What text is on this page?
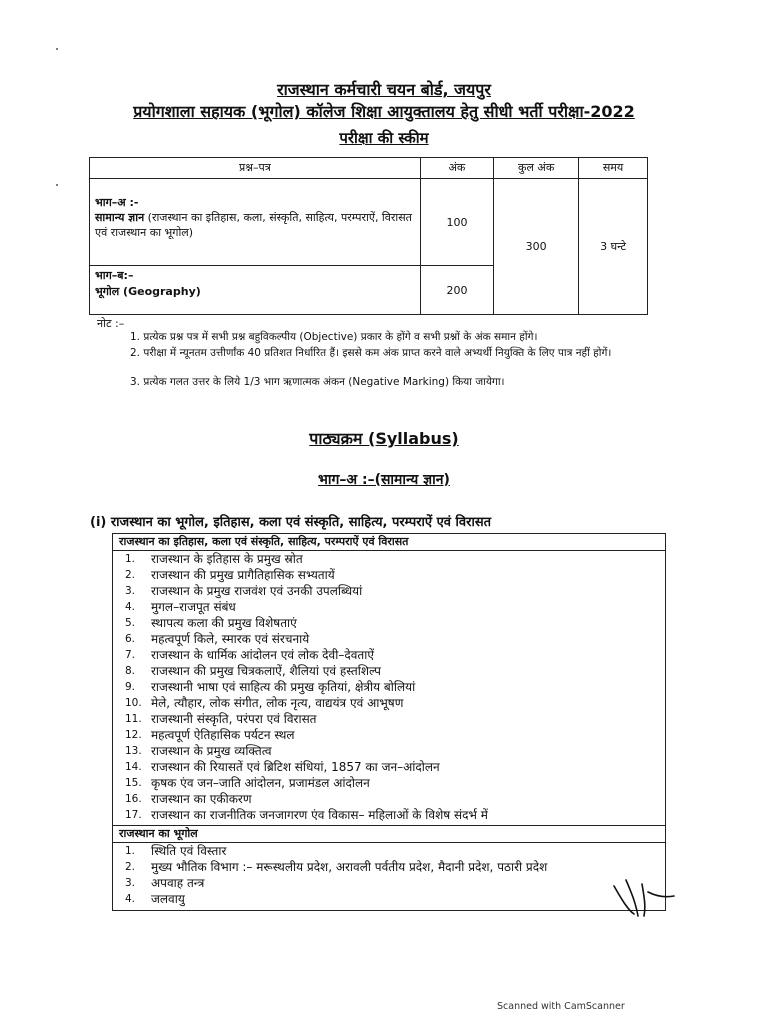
राजस्थान कर्मचारी चयन बोर्ड, जयपुर
प्रयोगशाला सहायक (भूगोल) कॉलेज शिक्षा आयुक्तालय हेतु सीधी भर्ती परीक्षा-2022
परीक्षा की स्कीम
प्रश्न–पत्र	अंक	कुल अंक	समय
भाग–अ :-
सामान्य ज्ञान (राजस्थान का इतिहास, कला, संस्कृति, साहित्य, परम्पराऐं, विरासत एवं राजस्थान का भूगोल)	100	300	3 घन्टे
भाग–ब:–
भूगोल (Geography)	200		
नोट :–
1. प्रत्येक प्रश्न पत्र में सभी प्रश्न बहुविकल्पीय (Objective) प्रकार के होंगे व सभी प्रश्नों के अंक समान होंगे।
2. परीक्षा में न्यूनतम उत्तीर्णांक 40 प्रतिशत निर्धारित हैं। इससे कम अंक प्राप्त करने वाले अभ्यर्थी नियुक्ति के लिए पात्र नहीं होगें।
3. प्रत्येक गलत उत्तर के लिये 1/3 भाग ऋणात्मक अंकन (Negative Marking) किया जायेगा।
पाठ्यक्रम (Syllabus)
भाग–अ :–(सामान्य ज्ञान)
(i) राजस्थान का भूगोल, इतिहास, कला एवं संस्कृति, साहित्य, परम्पराऐं एवं विरासत
राजस्थान का इतिहास, कला एवं संस्कृति, साहित्य, परम्पराऐं एवं विरासत
1. राजस्थान के इतिहास के प्रमुख स्रोत
2. राजस्थान की प्रमुख प्रागैतिहासिक सभ्यतायें
3. राजस्थान के प्रमुख राजवंश एवं उनकी उपलब्धियां
4. मुगल–राजपूत संबंध
5. स्थापत्य कला की प्रमुख विशेषताएं
6. महत्वपूर्ण किले, स्मारक एवं संरचनाये
7. राजस्थान के धार्मिक आंदोलन एवं लोक देवी–देवताऐं
8. राजस्थान की प्रमुख चित्रकलाऐं, शैलियां एवं हस्तशिल्प
9. राजस्थानी भाषा एवं साहित्य की प्रमुख कृतियां, क्षेत्रीय बोलियां
10. मेले, त्यौहार, लोक संगीत, लोक नृत्य, वाद्ययंत्र एवं आभूषण
11. राजस्थानी संस्कृति, परंपरा एवं विरासत
12. महत्वपूर्ण ऐतिहासिक पर्यटन स्थल
13. राजस्थान के प्रमुख व्यक्तित्व
14. राजस्थान की रियासतें एवं ब्रिटिश संधियां, 1857 का जन–आंदोलन
15. कृषक एंव जन–जाति आंदोलन, प्रजामंडल आंदोलन
16. राजस्थान का एकीकरण
17. राजस्थान का राजनीतिक जनजागरण एंव विकास– महिलाओं के विशेष संदर्भ में
राजस्थान का भूगोल
1. स्थिति एवं विस्तार
2. मुख्य भौतिक विभाग :– मरूस्थलीय प्रदेश, अरावली पर्वतीय प्रदेश, मैदानी प्रदेश, पठारी प्रदेश
3. अपवाह तन्त्र
4. जलवायु
Scanned with CamScanner
